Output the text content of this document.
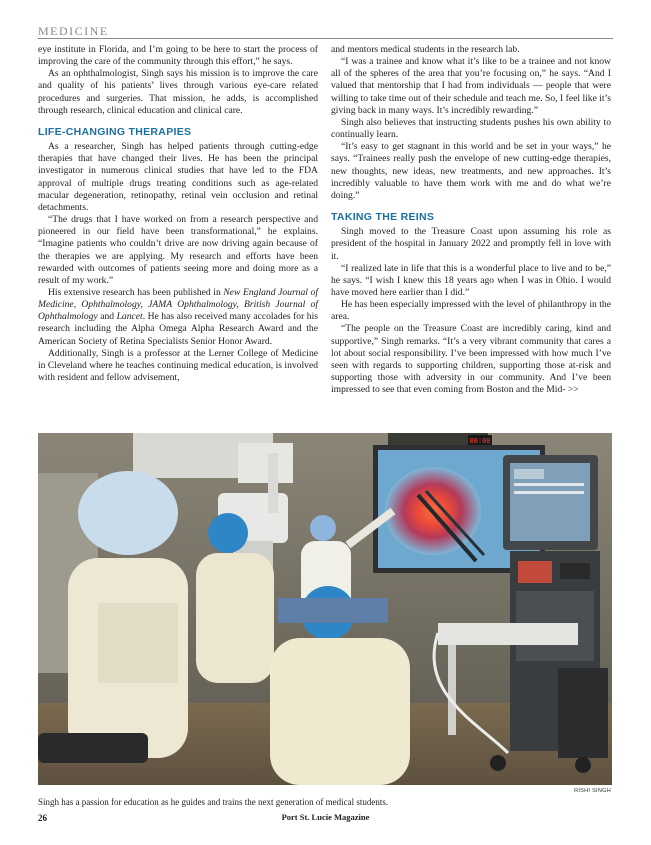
MEDICINE

eye institute in Florida, and I’m going to be here to start the process of improving the care of the community through this effort,” he says.

As an ophthalmologist, Singh says his mission is to improve the care and quality of his patients’ lives through various eye-care related procedures and surgeries. That mission, he adds, is accomplished through research, clinical education and clinical care.

LIFE-CHANGING THERAPIES

As a researcher, Singh has helped patients through cutting-edge therapies that have changed their lives. He has been the principal investigator in numerous clinical studies that have led to the FDA approval of multiple drugs treating conditions such as age-related macular degeneration, retinopathy, retinal vein occlusion and retinal detachments.

“The drugs that I have worked on from a research perspective and pioneered in our field have been transformational,” he explains. “Imagine patients who couldn’t drive are now driving again because of the therapies we are applying. My research and efforts have been rewarded with outcomes of patients seeing more and doing more as a result of my work.”

His extensive research has been published in New England Journal of Medicine, Ophthalmology, JAMA Ophthalmology, British Journal of Ophthalmology and Lancet. He has also received many accolades for his research including the Alpha Omega Alpha Research Award and the American Society of Retina Specialists Senior Honor Award.

Additionally, Singh is a professor at the Lerner College of Medicine in Cleveland where he teaches continuing medical education, is involved with resident and fellow advisement,

and mentors medical students in the research lab.

“I was a trainee and know what it’s like to be a trainee and not know all of the spheres of the area that you’re focusing on,” he says. “And I valued that mentorship that I had from individuals — people that were willing to take time out of their schedule and teach me. So, I feel like it’s giving back in many ways. It’s incredibly rewarding.”

Singh also believes that instructing students pushes his own ability to continually learn.

“It’s easy to get stagnant in this world and be set in your ways,” he says. “Trainees really push the envelope of new cutting-edge therapies, new thoughts, new ideas, new treatments, and new approaches. It’s incredibly valuable to have them work with me and do what we’re doing.”

TAKING THE REINS

Singh moved to the Treasure Coast upon assuming his role as president of the hospital in January 2022 and promptly fell in love with it.

“I realized late in life that this is a wonderful place to live and to be,” he says. “I wish I knew this 18 years ago when I was in Ohio. I would have moved here earlier than I did.”

He has been especially impressed with the level of philanthropy in the area.

“The people on the Treasure Coast are incredibly caring, kind and supportive,” Singh remarks. “It’s a very vibrant community that cares a lot about social responsibility. I’ve been impressed with how much I’ve seen with regards to supporting children, supporting those at-risk and supporting those with adversity in our community. And I’ve been impressed to see that even coming from Boston and the Mid- >>

00:00
RISHI SINGH
Singh has a passion for education as he guides and trains the next generation of medical students.
26	Port St. Lucie Magazine
